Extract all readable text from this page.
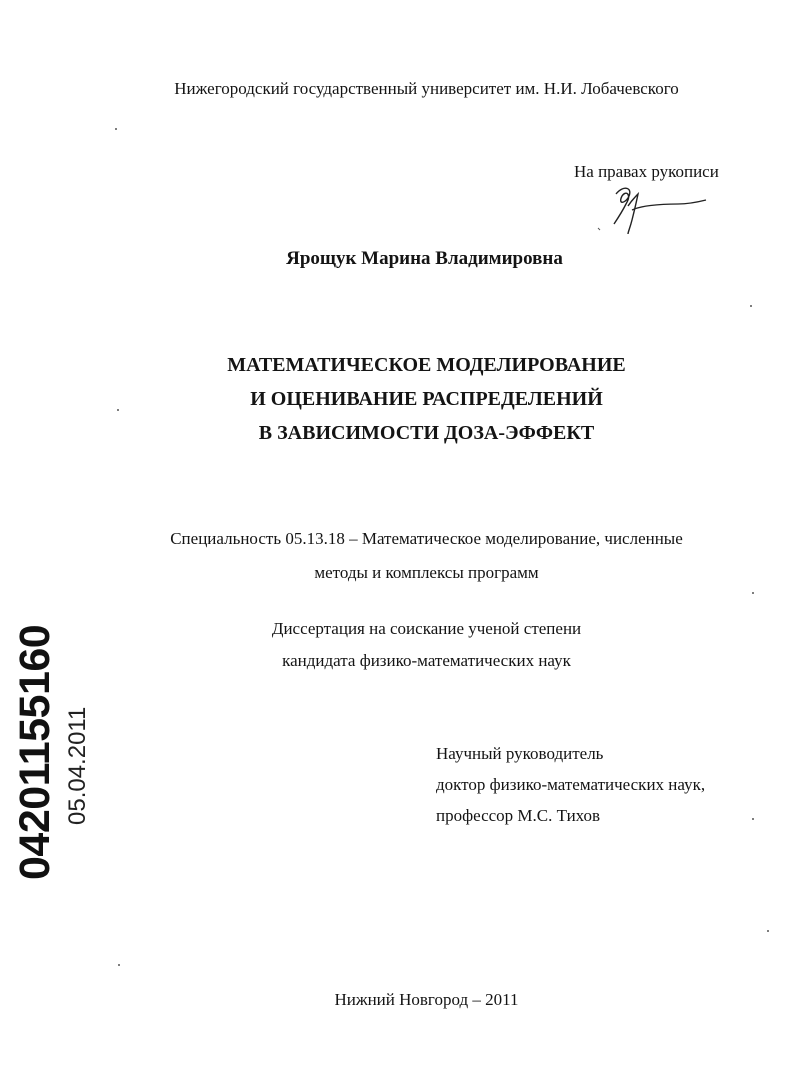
Нижегородский государственный университет им. Н.И. Лобачевского
На правах рукописи
Ярощук Марина Владимировна
МАТЕМАТИЧЕСКОЕ МОДЕЛИРОВАНИЕ
И ОЦЕНИВАНИЕ РАСПРЕДЕЛЕНИЙ
В ЗАВИСИМОСТИ ДОЗА-ЭФФЕКТ
Специальность 05.13.18 – Математическое моделирование, численные
методы и комплексы программ
Диссертация на соискание ученой степени
кандидата физико-математических наук
Научный руководитель
доктор физико-математических наук,
профессор М.С. Тихов
Нижний Новгород – 2011
04201155160 05.04.2011
